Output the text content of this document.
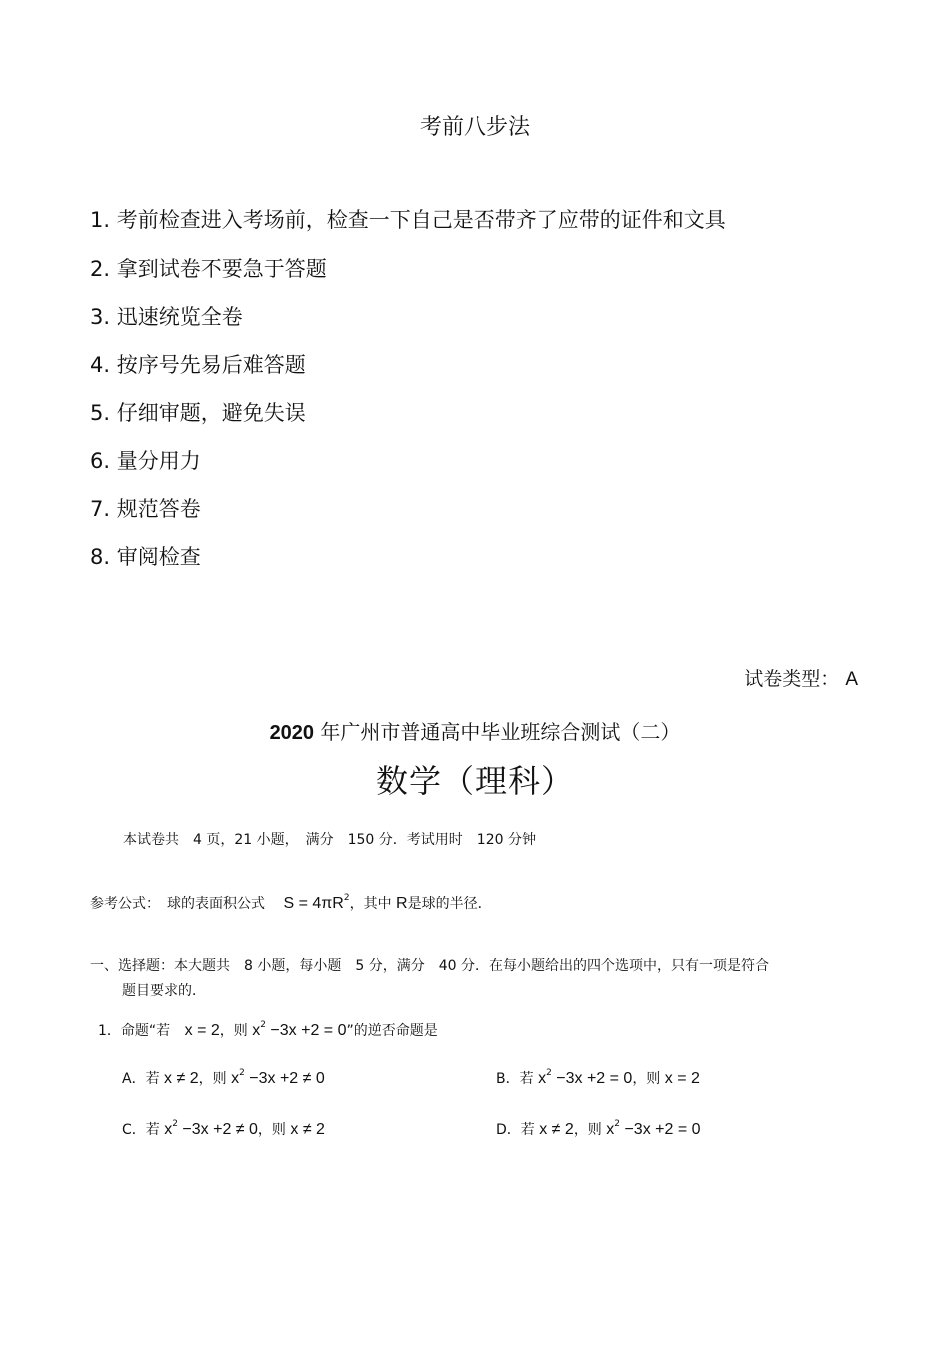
考前八步法
1. 考前检查进入考场前，检查一下自己是否带齐了应带的证件和文具
2. 拿到试卷不要急于答题
3. 迅速统览全卷
4. 按序号先易后难答题
5. 仔细审题，避免失误
6. 量分用力
7. 规范答卷
8. 审阅检查
试卷类型： A
2020 年广州市普通高中毕业班综合测试（二）
数学（理科）
本试卷共　4 页，21 小题，　满分　150 分．考试用时　120 分钟
参考公式：　球的表面积公式 $S = 4\pi R^2$，其中 R是球的半径．
一、选择题：本大题共　8 小题，每小题　5 分，满分　40 分．在每小题给出的四个选项中，只有一项是符合
题目要求的．
1．命题“若 x = 2，则 $x^2 -3x +2 = 0$”的逆否命题是
A．若 x ≠ 2，则 $x^2 -3x +2 \ne 0$	B．若 $x^2 -3x +2 = 0$，则 x = 2
C．若 $x^2 -3x +2 \ne 0$，则 x ≠ 2	D．若 x ≠ 2，则 $x^2 -3x +2 = 0$
